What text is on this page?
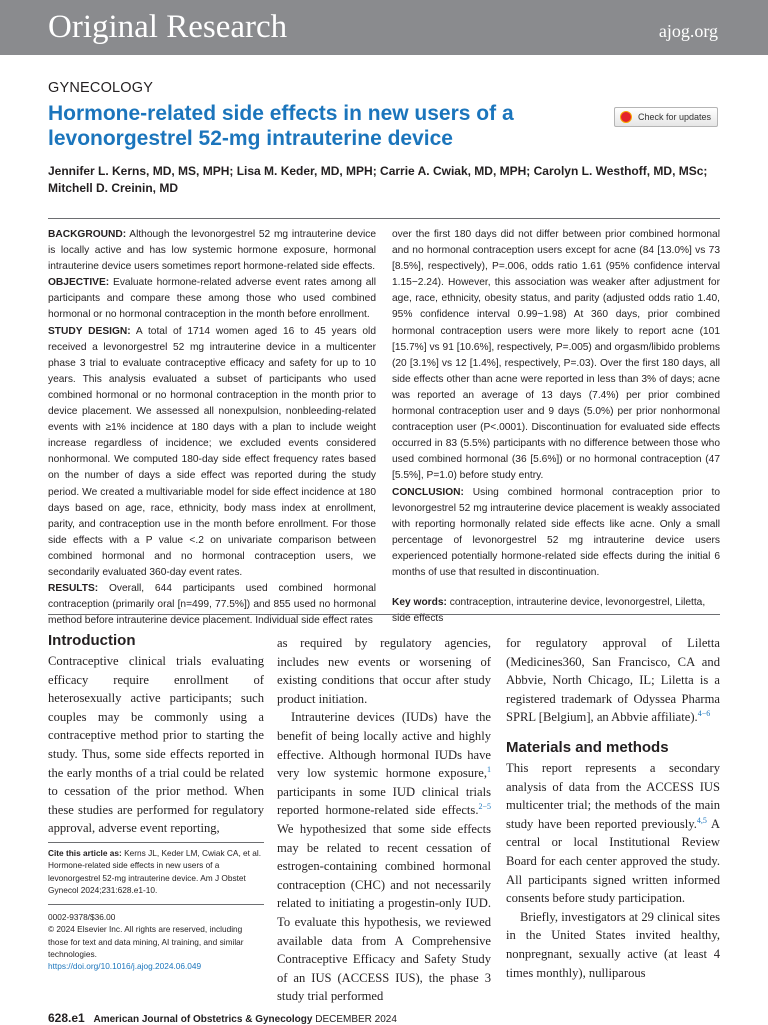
Original Research	ajog.org
GYNECOLOGY
Hormone-related side effects in new users of a levonorgestrel 52-mg intrauterine device
Check for updates
Jennifer L. Kerns, MD, MS, MPH; Lisa M. Keder, MD, MPH; Carrie A. Cwiak, MD, MPH; Carolyn L. Westhoff, MD, MSc; Mitchell D. Creinin, MD

BACKGROUND: Although the levonorgestrel 52 mg intrauterine device is locally active and has low systemic hormone exposure, hormonal intrauterine device users sometimes report hormone-related side effects.

OBJECTIVE: Evaluate hormone-related adverse event rates among all participants and compare these among those who used combined hormonal or no hormonal contraception in the month before enrollment.

STUDY DESIGN: A total of 1714 women aged 16 to 45 years old received a levonorgestrel 52 mg intrauterine device in a multicenter phase 3 trial to evaluate contraceptive efficacy and safety for up to 10 years. This analysis evaluated a subset of participants who used combined hormonal or no hormonal contraception in the month prior to device placement. We assessed all nonexpulsion, nonbleeding-related events with ≥1% incidence at 180 days with a plan to include weight increase regardless of incidence; we excluded events considered nonhormonal. We computed 180-day side effect frequency rates based on the number of days a side effect was reported during the study period. We created a multivariable model for side effect incidence at 180 days based on age, race, ethnicity, body mass index at enrollment, parity, and contraception use in the month before enrollment. For those side effects with a P value <.2 on univariate comparison between combined hormonal and no hormonal contraception users, we secondarily evaluated 360-day event rates.

RESULTS: Overall, 644 participants used combined hormonal contraception (primarily oral [n=499, 77.5%]) and 855 used no hormonal method before intrauterine device placement. Individual side effect rates

over the first 180 days did not differ between prior combined hormonal and no hormonal contraception users except for acne (84 [13.0%] vs 73 [8.5%], respectively), P=.006, odds ratio 1.61 (95% confidence interval 1.15−2.24). However, this association was weaker after adjustment for age, race, ethnicity, obesity status, and parity (adjusted odds ratio 1.40, 95% confidence interval 0.99−1.98) At 360 days, prior combined hormonal contraception users were more likely to report acne (101 [15.7%] vs 91 [10.6%], respectively, P=.005) and orgasm/libido problems (20 [3.1%] vs 12 [1.4%], respectively, P=.03). Over the first 180 days, all side effects other than acne were reported in less than 3% of days; acne was reported an average of 13 days (7.4%) per prior combined hormonal contraception user and 9 days (5.0%) per prior nonhormonal contraception user (P<.0001). Discontinuation for evaluated side effects occurred in 83 (5.5%) participants with no difference between those who used combined hormonal (36 [5.6%]) or no hormonal contraception (47 [5.5%], P=1.0) before study entry.

CONCLUSION: Using combined hormonal contraception prior to levonorgestrel 52 mg intrauterine device placement is weakly associated with reporting hormonally related side effects like acne. Only a small percentage of levonorgestrel 52 mg intrauterine device users experienced potentially hormone-related side effects during the initial 6 months of use that resulted in discontinuation.

Key words: contraception, intrauterine device, levonorgestrel, Liletta, side effects

Introduction

Contraceptive clinical trials evaluating efficacy require enrollment of heterosexually active participants; such couples may be commonly using a contraceptive method prior to starting the study. Thus, some side effects reported in the early months of a trial could be related to cessation of the prior method. When these studies are performed for regulatory approval, adverse event reporting,

Cite this article as: Kerns JL, Keder LM, Cwiak CA, et al. Hormone-related side effects in new users of a levonorgestrel 52-mg intrauterine device. Am J Obstet Gynecol 2024;231:628.e1-10.

0002-9378/$36.00

© 2024 Elsevier Inc. All rights are reserved, including those for text and data mining, AI training, and similar technologies.

https://doi.org/10.1016/j.ajog.2024.06.049

as required by regulatory agencies, includes new events or worsening of existing conditions that occur after study product initiation.

Intrauterine devices (IUDs) have the benefit of being locally active and highly effective. Although hormonal IUDs have very low systemic hormone exposure,$^1$ participants in some IUD clinical trials reported hormone-related side effects.$^{2-5}$ We hypothesized that some side effects may be related to recent cessation of estrogen-containing combined hormonal contraception (CHC) and not necessarily related to initiating a progestin-only IUD. To evaluate this hypothesis, we reviewed available data from A Comprehensive Contraceptive Efficacy and Safety Study of an IUS (ACCESS IUS), the phase 3 study trial performed

for regulatory approval of Liletta (Medicines360, San Francisco, CA and Abbvie, North Chicago, IL; Liletta is a registered trademark of Odyssea Pharma SPRL [Belgium], an Abbvie affiliate).$^{4-6}$

Materials and methods

This report represents a secondary analysis of data from the ACCESS IUS multicenter trial; the methods of the main study have been reported previously.$^{4,5}$ A central or local Institutional Review Board for each center approved the study. All participants signed written informed consents before study participation.

Briefly, investigators at 29 clinical sites in the United States invited healthy, nonpregnant, sexually active (at least 4 times monthly), nulliparous

628.e1 American Journal of Obstetrics & Gynecology DECEMBER 2024
